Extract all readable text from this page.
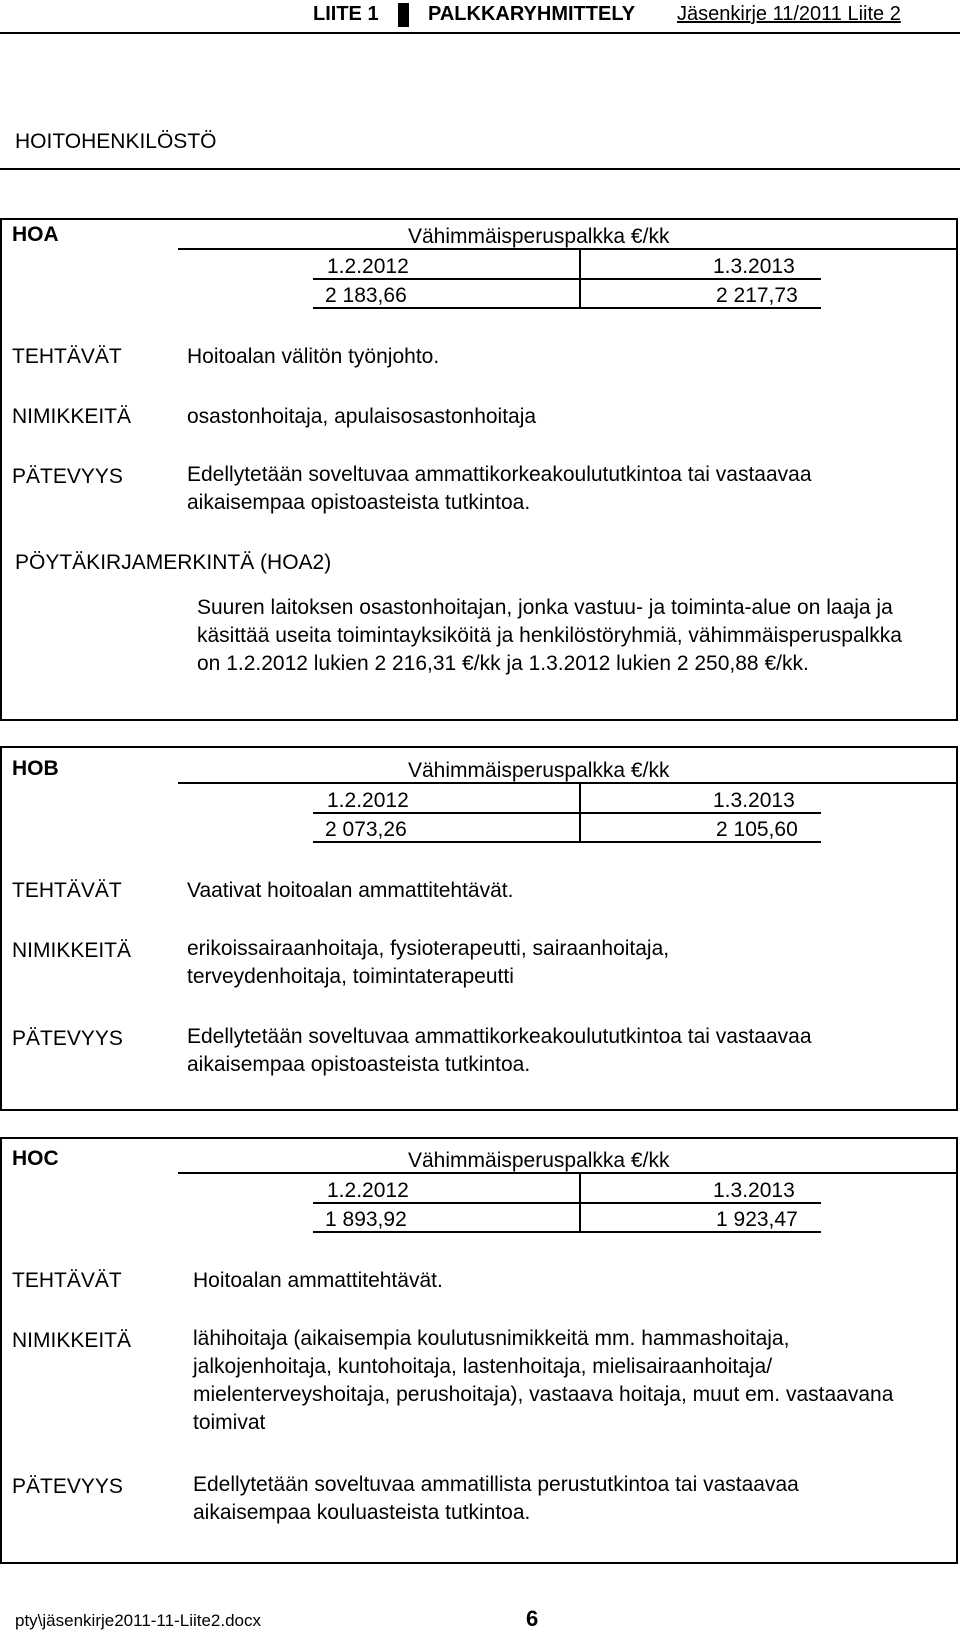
LIITE 1 PALKKARYHMITTELY Jäsenkirje 11/2011 Liite 2
HOITOHENKILÖSTÖ
HOA	Vähimmäisperuspalkka €/kk
1.2.2012	1.3.2013
2 183,66	2 217,73
TEHTÄVÄT	Hoitoalan välitön työnjohto.
NIMIKKEITÄ	osastonhoitaja, apulaisosastonhoitaja
PÄTEVYYS	Edellytetään soveltuvaa ammattikorkeakoulututkintoa tai vastaavaa aikaisempaa opistoasteista tutkintoa.
PÖYTÄKIRJAMERKINTÄ (HOA2)
Suuren laitoksen osastonhoitajan, jonka vastuu- ja toiminta-alue on laaja ja käsittää useita toimintayksiköitä ja henkilöstöryhmiä, vähimmäisperuspalkka on 1.2.2012 lukien 2 216,31 €/kk ja 1.3.2012 lukien 2 250,88 €/kk.
HOB	Vähimmäisperuspalkka €/kk
1.2.2012	1.3.2013
2 073,26	2 105,60
TEHTÄVÄT	Vaativat hoitoalan ammattitehtävät.
NIMIKKEITÄ	erikoissairaanhoitaja, fysioterapeutti, sairaanhoitaja, terveydenhoitaja, toimintaterapeutti
PÄTEVYYS	Edellytetään soveltuvaa ammattikorkeakoulututkintoa tai vastaavaa aikaisempaa opistoasteista tutkintoa.
HOC	Vähimmäisperuspalkka €/kk
1.2.2012	1.3.2013
1 893,92	1 923,47
TEHTÄVÄT	Hoitoalan ammattitehtävät.
NIMIKKEITÄ	lähihoitaja (aikaisempia koulutusnimikkeitä mm. hammashoitaja, jalkojenhoitaja, kuntohoitaja, lastenhoitaja, mielisairaanhoitaja/ mielenterveyshoitaja, perushoitaja), vastaava hoitaja, muut em. vastaavana toimivat
PÄTEVYYS	Edellytetään soveltuvaa ammatillista perustutkintoa tai vastaavaa aikaisempaa kouluasteista tutkintoa.
pty\jäsenkirje2011-11-Liite2.docx	6
